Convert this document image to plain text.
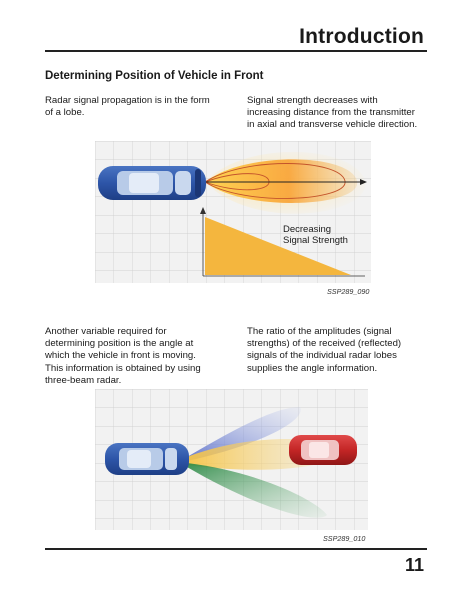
Introduction
Determining Position of Vehicle in Front
Radar signal propagation is in the form
of a lobe.
Signal strength decreases with
increasing distance from the transmitter
in axial and transverse vehicle direction.
Decreasing
Signal Strength
SSP289_090
Another variable required for
determining position is the angle at
which the vehicle in front is moving.
This information is obtained by using
three-beam radar.
The ratio of the amplitudes (signal
strengths) of the received (reflected)
signals of the individual radar lobes
supplies the angle information.
SSP289_010
11
